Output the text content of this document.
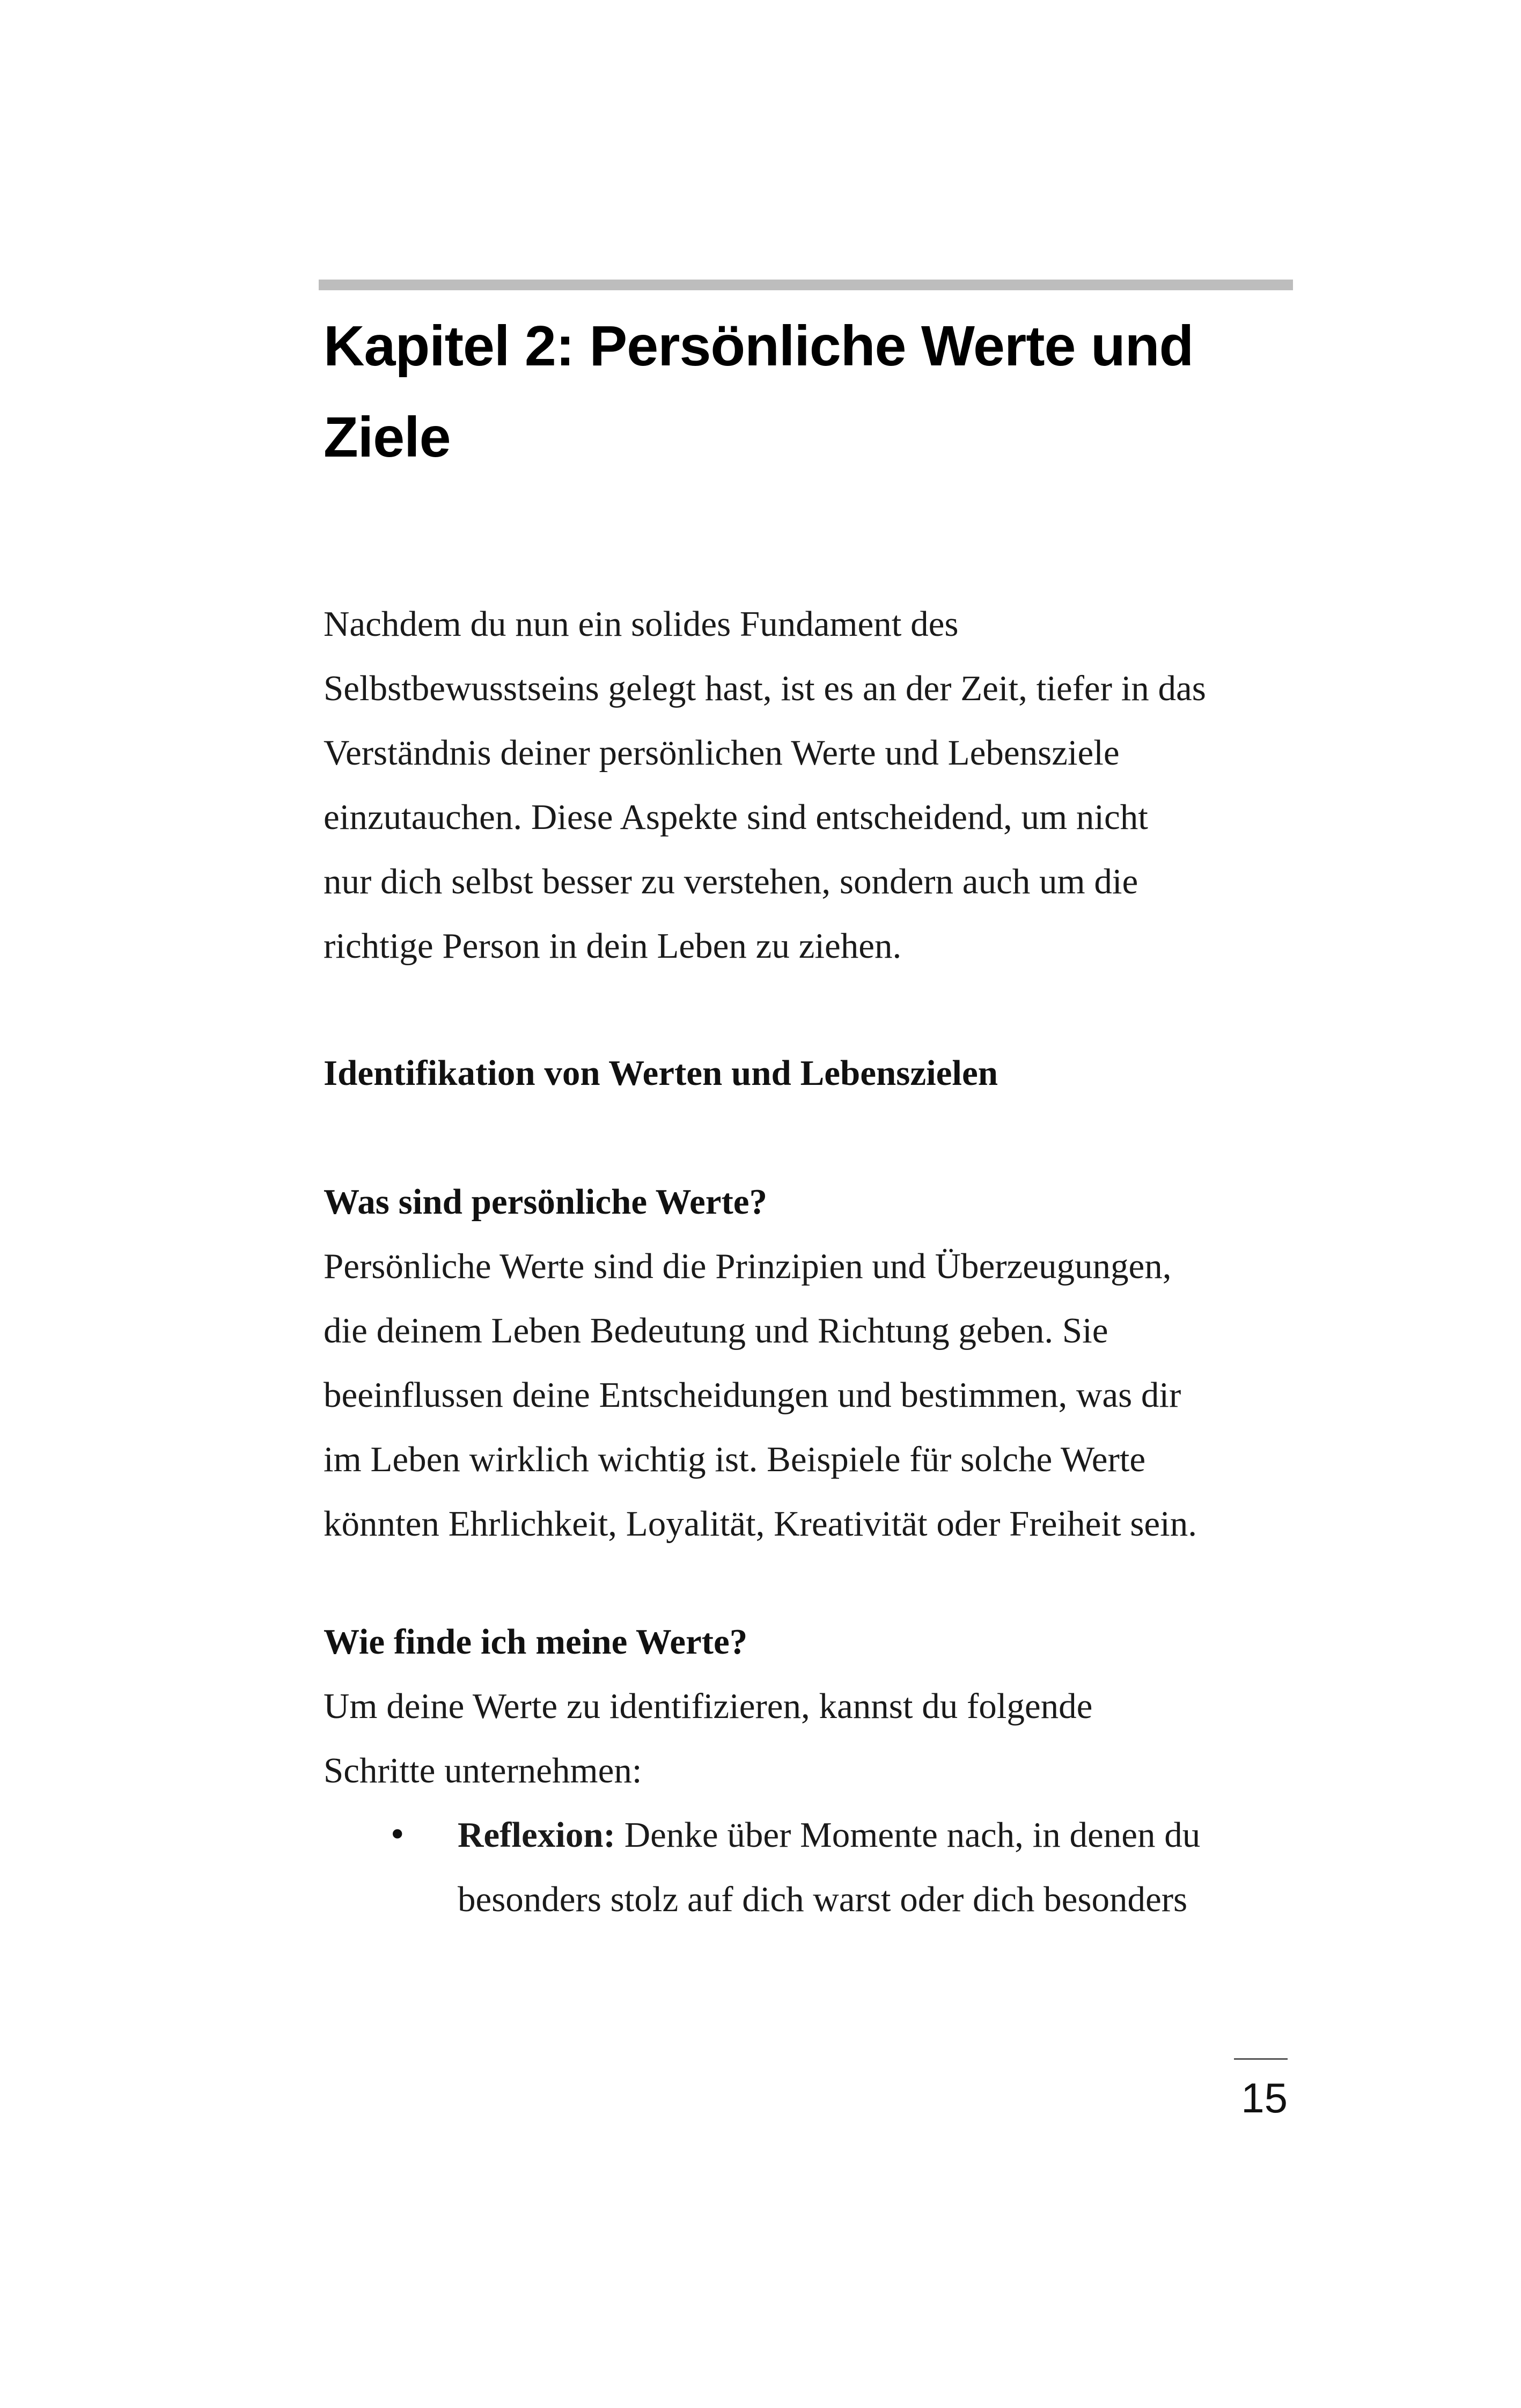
Kapitel 2: Persönliche Werte und
Ziele

Nachdem du nun ein solides Fundament des
Selbstbewusstseins gelegt hast, ist es an der Zeit, tiefer in das
Verständnis deiner persönlichen Werte und Lebensziele
einzutauchen. Diese Aspekte sind entscheidend, um nicht
nur dich selbst besser zu verstehen, sondern auch um die
richtige Person in dein Leben zu ziehen.

Identifikation von Werten und Lebenszielen
Was sind persönliche Werte?
Persönliche Werte sind die Prinzipien und Überzeugungen,
die deinem Leben Bedeutung und Richtung geben. Sie
beeinflussen deine Entscheidungen und bestimmen, was dir
im Leben wirklich wichtig ist. Beispiele für solche Werte
könnten Ehrlichkeit, Loyalität, Kreativität oder Freiheit sein.
Wie finde ich meine Werte?
Um deine Werte zu identifizieren, kannst du folgende
Schritte unternehmen:
• Reflexion: Denke über Momente nach, in denen du
besonders stolz auf dich warst oder dich besonders
15
